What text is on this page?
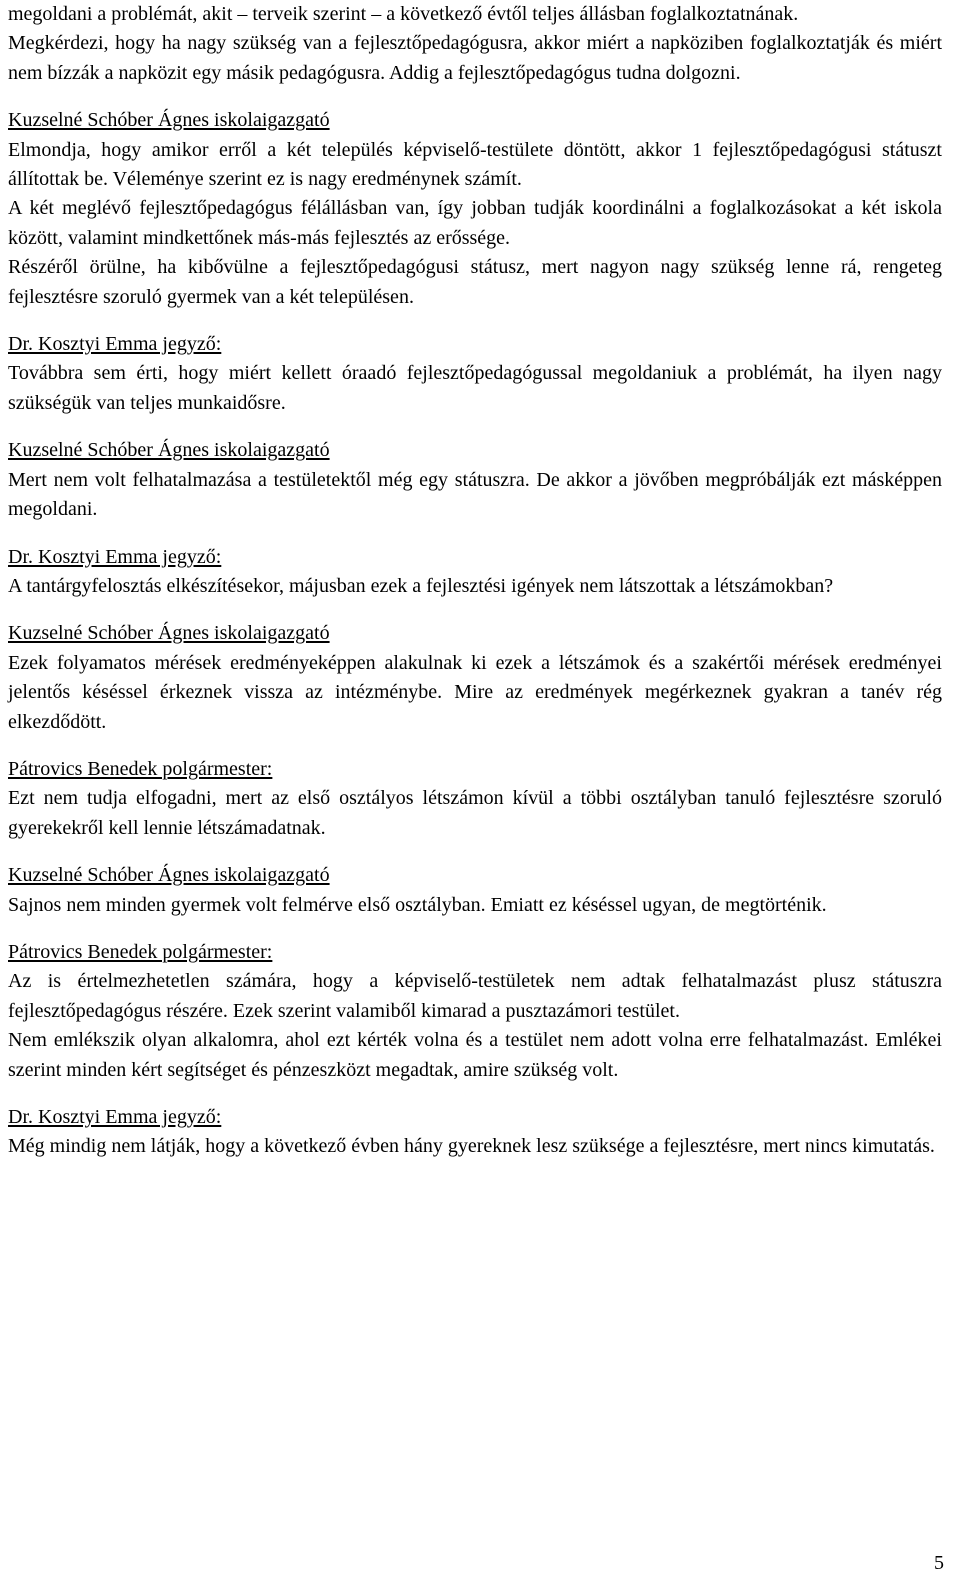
megoldani a problémát, akit – terveik szerint – a következő évtől teljes állásban foglalkoztatnának.

Megkérdezi, hogy ha nagy szükség van a fejlesztőpedagógusra, akkor miért a napköziben foglalkoztatják és miért nem bízzák a napközit egy másik pedagógusra. Addig a fejlesztőpedagógus tudna dolgozni.

Kuzselné Schóber Ágnes iskolaigazgató

Elmondja, hogy amikor erről a két település képviselő-testülete döntött, akkor 1 fejlesztőpedagógusi státuszt állítottak be. Véleménye szerint ez is nagy eredménynek számít.

A két meglévő fejlesztőpedagógus félállásban van, így jobban tudják koordinálni a foglalkozásokat a két iskola között, valamint mindkettőnek más-más fejlesztés az erőssége.

Részéről örülne, ha kibővülne a fejlesztőpedagógusi státusz, mert nagyon nagy szükség lenne rá, rengeteg fejlesztésre szoruló gyermek van a két településen.

Dr. Kosztyi Emma jegyző:

Továbbra sem érti, hogy miért kellett óraadó fejlesztőpedagógussal megoldaniuk a problémát, ha ilyen nagy szükségük van teljes munkaidősre.

Kuzselné Schóber Ágnes iskolaigazgató

Mert nem volt felhatalmazása a testületektől még egy státuszra. De akkor a jövőben megpróbálják ezt másképpen megoldani.

Dr. Kosztyi Emma jegyző:

A tantárgyfelosztás elkészítésekor, májusban ezek a fejlesztési igények nem látszottak a létszámokban?

Kuzselné Schóber Ágnes iskolaigazgató

Ezek folyamatos mérések eredményeképpen alakulnak ki ezek a létszámok és a szakértői mérések eredményei jelentős késéssel érkeznek vissza az intézménybe. Mire az eredmények megérkeznek gyakran a tanév rég elkezdődött.

Pátrovics Benedek polgármester:

Ezt nem tudja elfogadni, mert az első osztályos létszámon kívül a többi osztályban tanuló fejlesztésre szoruló gyerekekről kell lennie létszámadatnak.

Kuzselné Schóber Ágnes iskolaigazgató

Sajnos nem minden gyermek volt felmérve első osztályban. Emiatt ez késéssel ugyan, de megtörténik.

Pátrovics Benedek polgármester:

Az is értelmezhetetlen számára, hogy a képviselő-testületek nem adtak felhatalmazást plusz státuszra fejlesztőpedagógus részére. Ezek szerint valamiből kimarad a pusztazámori testület.

Nem emlékszik olyan alkalomra, ahol ezt kérték volna és a testület nem adott volna erre felhatalmazást. Emlékei szerint minden kért segítséget és pénzeszközt megadtak, amire szükség volt.

Dr. Kosztyi Emma jegyző:

Még mindig nem látják, hogy a következő évben hány gyereknek lesz szüksége a fejlesztésre, mert nincs kimutatás.

5
